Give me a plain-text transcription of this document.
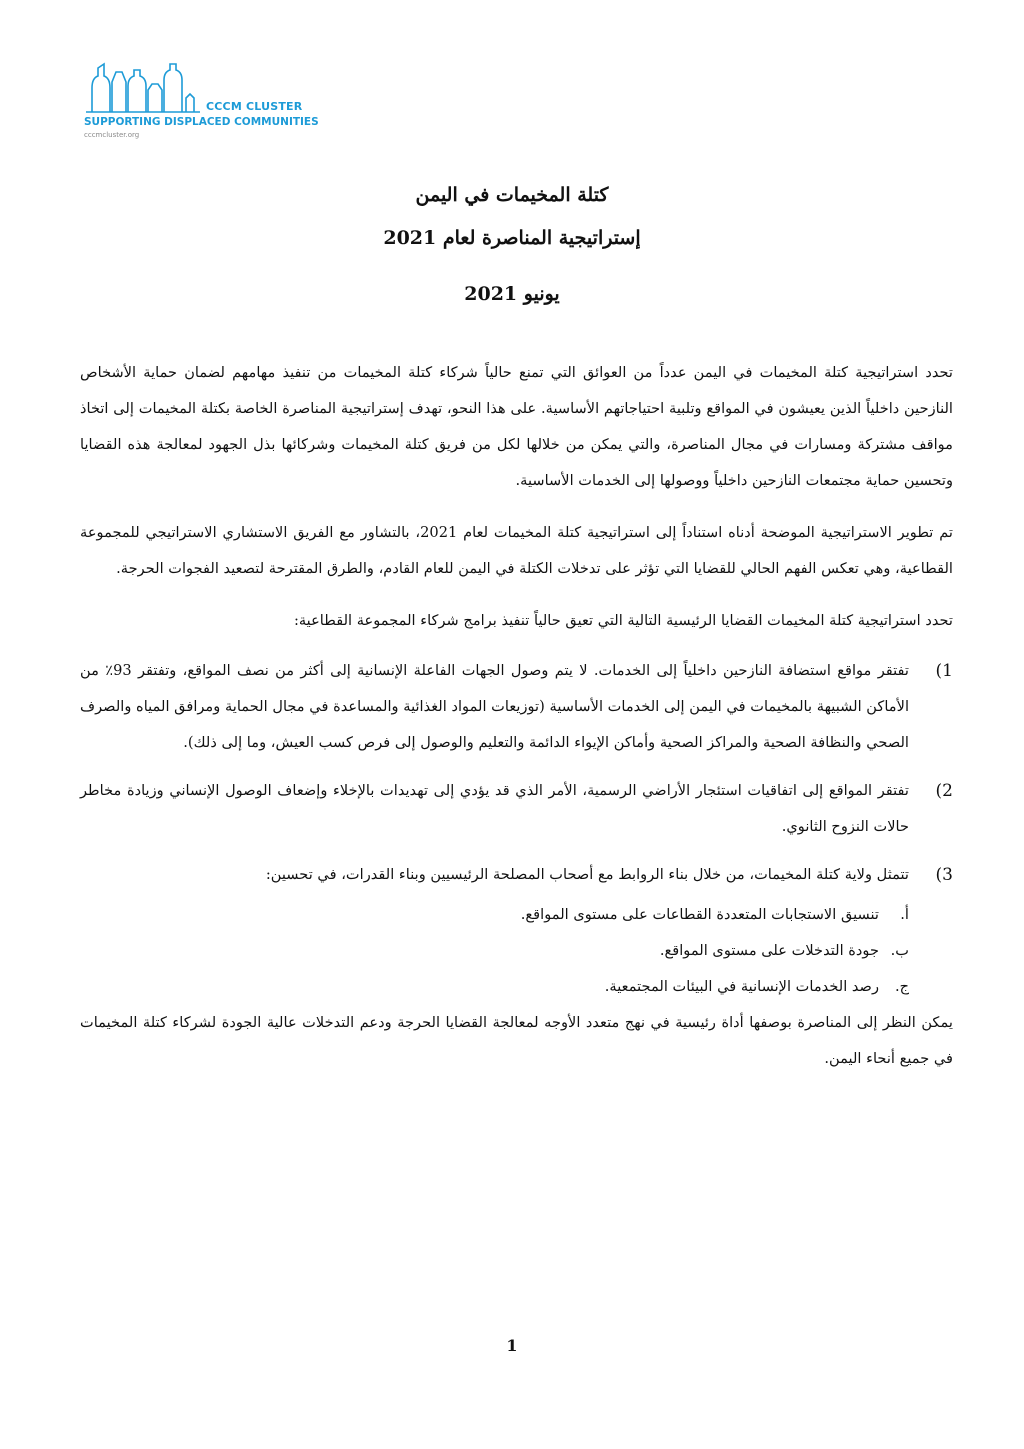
CCCM CLUSTER
SUPPORTING DISPLACED COMMUNITIES
cccmcluster.org
كتلة المخيمات في اليمن
إستراتيجية المناصرة لعام 2021
يونيو 2021

تحدد استراتيجية كتلة المخيمات في اليمن عدداً من العوائق التي تمنع حالياً شركاء كتلة المخيمات من تنفيذ مهامهم لضمان حماية الأشخاص النازحين داخلياً الذين يعيشون في المواقع وتلبية احتياجاتهم الأساسية. على هذا النحو، تهدف إستراتيجية المناصرة الخاصة بكتلة المخيمات إلى اتخاذ مواقف مشتركة ومسارات في مجال المناصرة، والتي يمكن من خلالها لكل من فريق كتلة المخيمات وشركائها بذل الجهود لمعالجة هذه القضايا وتحسين حماية مجتمعات النازحين داخلياً ووصولها إلى الخدمات الأساسية.

تم تطوير الاستراتيجية الموضحة أدناه استناداً إلى استراتيجية كتلة المخيمات لعام 2021، بالتشاور مع الفريق الاستشاري الاستراتيجي للمجموعة القطاعية، وهي تعكس الفهم الحالي للقضايا التي تؤثر على تدخلات الكتلة في اليمن للعام القادم، والطرق المقترحة لتصعيد الفجوات الحرجة.

تحدد استراتيجية كتلة المخيمات القضايا الرئيسية التالية التي تعيق حالياً تنفيذ برامج شركاء المجموعة القطاعية:

1)
تفتقر مواقع استضافة النازحين داخلياً إلى الخدمات. لا يتم وصول الجهات الفاعلة الإنسانية إلى أكثر من نصف المواقع، وتفتقر 93٪ من الأماكن الشبيهة بالمخيمات في اليمن إلى الخدمات الأساسية (توزيعات المواد الغذائية والمساعدة في مجال الحماية ومرافق المياه والصرف الصحي والنظافة الصحية والمراكز الصحية وأماكن الإيواء الدائمة والتعليم والوصول إلى فرص كسب العيش، وما إلى ذلك).
2)
تفتقر المواقع إلى اتفاقيات استئجار الأراضي الرسمية، الأمر الذي قد يؤدي إلى تهديدات بالإخلاء وإضعاف الوصول الإنساني وزيادة مخاطر حالات النزوح الثانوي.
3)
تتمثل ولاية كتلة المخيمات، من خلال بناء الروابط مع أصحاب المصلحة الرئيسيين وبناء القدرات، في تحسين:
أ.
تنسيق الاستجابات المتعددة القطاعات على مستوى المواقع.
ب.
جودة التدخلات على مستوى المواقع.
ج.
رصد الخدمات الإنسانية في البيئات المجتمعية.

يمكن النظر إلى المناصرة بوصفها أداة رئيسية في نهج متعدد الأوجه لمعالجة القضايا الحرجة ودعم التدخلات عالية الجودة لشركاء كتلة المخيمات في جميع أنحاء اليمن.

1
